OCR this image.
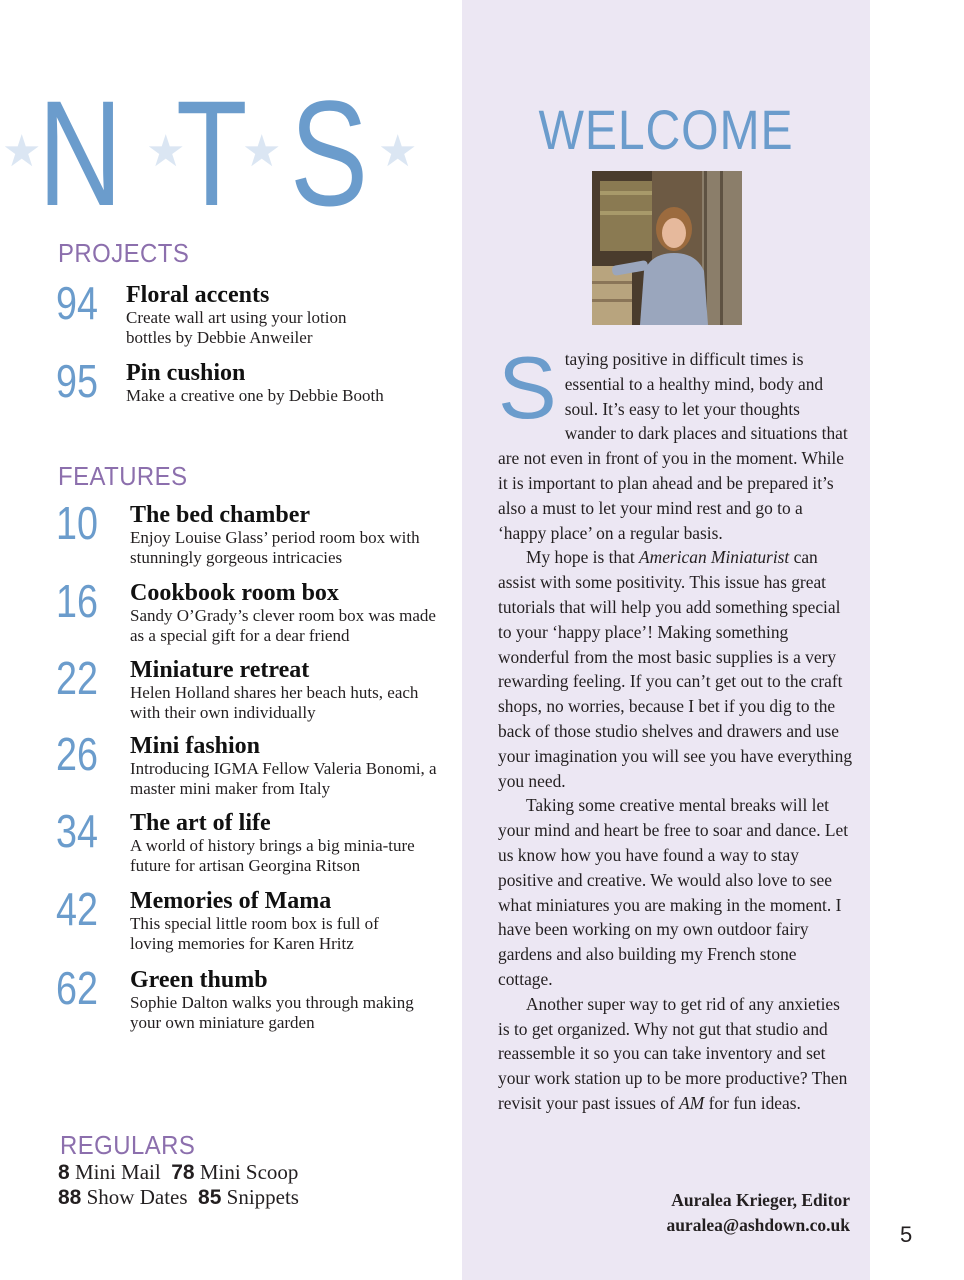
★
N ★
T
★ S ★
PROJECTS
94 Floral accents
Create wall art using your lotion bottles by Debbie Anweiler
95 Pin cushion
Make a creative one by Debbie Booth
FEATURES
10 The bed chamber
Enjoy Louise Glass’ period room box with stunningly gorgeous intricacies
16 Cookbook room box
Sandy O’Grady’s clever room box was made as a special gift for a dear friend
22 Miniature retreat
Helen Holland shares her beach huts, each with their own individually
26 Mini fashion
Introducing IGMA Fellow Valeria Bonomi, a master mini maker from Italy
34 The art of life
A world of history brings a big minia-ture future for artisan Georgina Ritson
42 Memories of Mama
This special little room box is full of loving memories for Karen Hritz
62 Green thumb
Sophie Dalton walks you through making your own miniature garden
REGULARS
8 Mini Mail 78 Mini Scoop
88 Show Dates 85 Snippets
WELCOME

Staying positive in difficult times is essential to a healthy mind, body and soul. It’s easy to let your thoughts wander to dark places and situations that are not even in front of you in the moment. While it is important to plan ahead and be prepared it’s also a must to let your mind rest and go to a ‘happy place’ on a regular basis.

My hope is that American Miniaturist can assist with some positivity. This issue has great tutorials that will help you add something special to your ‘happy place’! Making something wonderful from the most basic supplies is a very rewarding feeling. If you can’t get out to the craft shops, no worries, because I bet if you dig to the back of those studio shelves and drawers and use your imagination you will see you have everything you need.

Taking some creative mental breaks will let your mind and heart be free to soar and dance. Let us know how you have found a way to stay positive and creative. We would also love to see what miniatures you are making in the moment. I have been working on my own outdoor fairy gardens and also building my French stone cottage.

Another super way to get rid of any anxieties is to get organized. Why not gut that studio and reassemble it so you can take inventory and set your work station up to be more productive? Then revisit your past issues of AM for fun ideas.

Auralea Krieger, Editor
auralea@ashdown.co.uk 5
